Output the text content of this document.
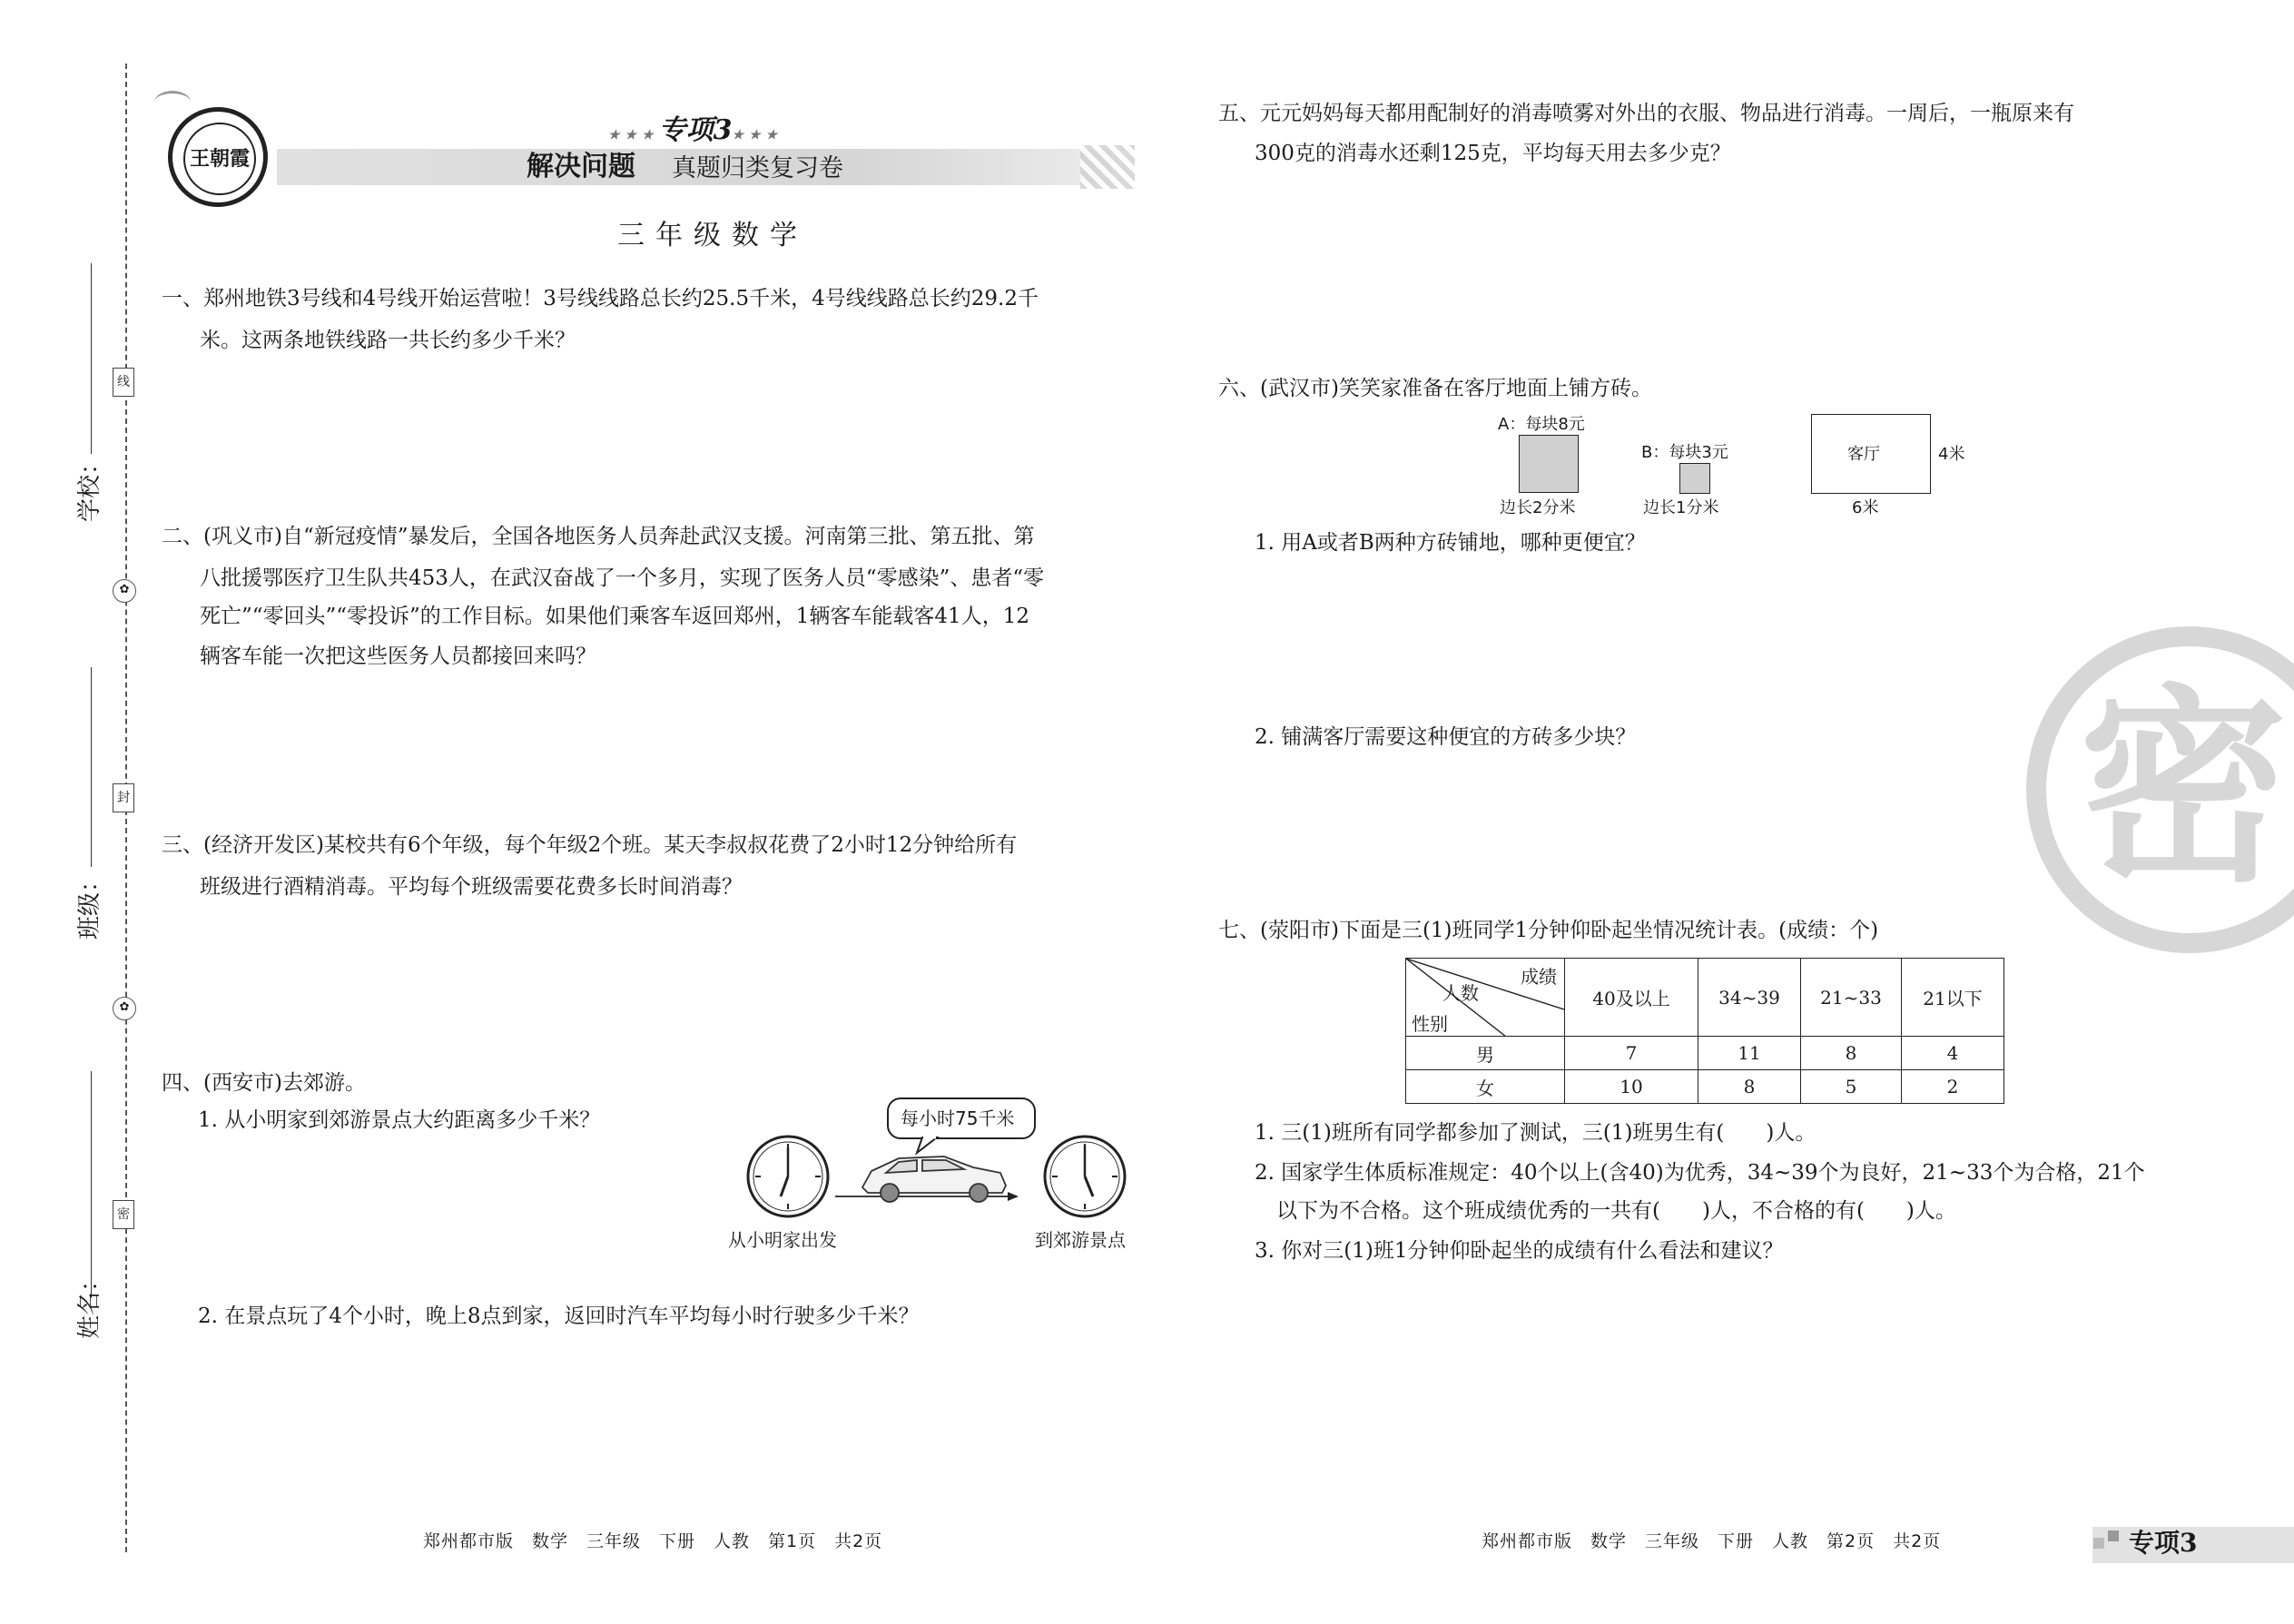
学校：
班级：
姓名：
线
✿
封
✿
密
王朝霞
★★★专项3★★★
解决问题 真题归类复习卷
三年级数学
一、郑州地铁3号线和4号线开始运营啦！3号线线路总长约25.5千米，4号线线路总长约29.2千
米。这两条地铁线路一共长约多少千米？
二、(巩义市)自“新冠疫情”暴发后，全国各地医务人员奔赴武汉支援。河南第三批、第五批、第
八批援鄂医疗卫生队共453人，在武汉奋战了一个多月，实现了医务人员“零感染”、患者“零
死亡”“零回头”“零投诉”的工作目标。如果他们乘客车返回郑州，1辆客车能载客41人，12
辆客车能一次把这些医务人员都接回来吗？
三、(经济开发区)某校共有6个年级，每个年级2个班。某天李叔叔花费了2小时12分钟给所有
班级进行酒精消毒。平均每个班级需要花费多长时间消毒？
四、(西安市)去郊游。
1. 从小明家到郊游景点大约距离多少千米？	每小时75千米
从小明家出发	到郊游景点
2. 在景点玩了4个小时，晚上8点到家，返回时汽车平均每小时行驶多少千米？
五、元元妈妈每天都用配制好的消毒喷雾对外出的衣服、物品进行消毒。一周后，一瓶原来有
300克的消毒水还剩125克，平均每天用去多少克？
六、(武汉市)笑笑家准备在客厅地面上铺方砖。
A：每块8元
边长2分米
B：每块3元
边长1分米
客厅	4米
6米
1. 用A或者B两种方砖铺地，哪种更便宜？
2. 铺满客厅需要这种便宜的方砖多少块？ 密
七、(荥阳市)下面是三(1)班同学1分钟仰卧起坐情况统计表。(成绩：个)
成绩
人数
性别	40及以上	34~39	21~33	21以下
男	7	11	8	4
女	10	8	5	2
1. 三(1)班所有同学都参加了测试，三(1)班男生有(　　)人。
2. 国家学生体质标准规定：40个以上(含40)为优秀，34~39个为良好，21~33个为合格，21个
以下为不合格。这个班成绩优秀的一共有(　　)人，不合格的有(　　)人。
3. 你对三(1)班1分钟仰卧起坐的成绩有什么看法和建议？
郑州都市版　数学　三年级　下册　人教　第1页　共2页	郑州都市版　数学　三年级　下册　人教　第2页　共2页	专项3
